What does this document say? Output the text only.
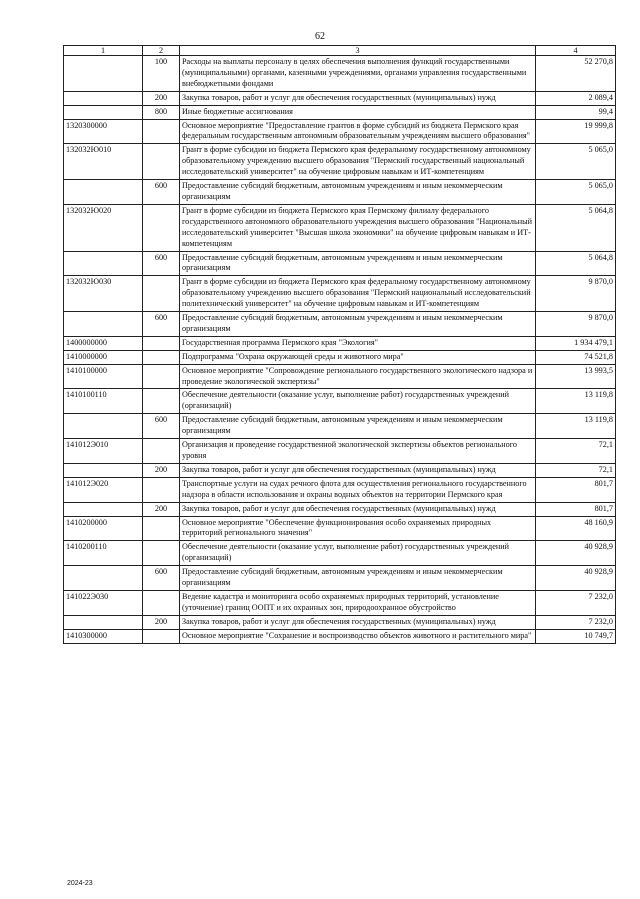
62
1	2	3	4
	100	Расходы на выплаты персоналу в целях обеспечения выполнения функций государственными (муниципальными) органами, казенными учреждениями, органами управления государственными внебюджетными фондами	52 270,8
	200	Закупка товаров, работ и услуг для обеспечения государственных (муниципальных) нужд	2 089,4
	800	Иные бюджетные ассигнования	99,4
1320300000		Основное мероприятие "Предоставление грантов в форме субсидий из бюджета Пермского края федеральным государственным автономным образовательным учреждениям высшего образования"	19 999,8
132032Ю010		Грант в форме субсидии из бюджета Пермского края федеральному государственному автономному образовательному учреждению высшего образования "Пермский государственный национальный исследовательский университет" на обучение цифровым навыкам и ИТ-компетенциям	5 065,0
	600	Предоставление субсидий бюджетным, автономным учреждениям и иным некоммерческим организациям	5 065,0
132032Ю020		Грант в форме субсидии из бюджета Пермского края Пермскому филиалу федерального государственного автономного образовательного учреждения высшего образования "Национальный исследовательский университет "Высшая школа экономики" на обучение цифровым навыкам и ИТ-компетенциям	5 064,8
	600	Предоставление субсидий бюджетным, автономным учреждениям и иным некоммерческим организациям	5 064,8
132032Ю030		Грант в форме субсидии из бюджета Пермского края федеральному государственному автономному образовательному учреждению высшего образования "Пермский национальный исследовательский политехнический университет" на обучение цифровым навыкам и ИТ-компетенциям	9 870,0
	600	Предоставление субсидий бюджетным, автономным учреждениям и иным некоммерческим организациям	9 870,0
1400000000		Государственная программа Пермского края "Экология"	1 934 479,1
1410000000		Подпрограмма "Охрана окружающей среды и животного мира"	74 521,8
1410100000		Основное мероприятие "Сопровождение регионального государственного экологического надзора и проведение экологической экспертизы"	13 993,5
1410100110		Обеспечение деятельности (оказание услуг, выполнение работ) государственных учреждений (организаций)	13 119,8
	600	Предоставление субсидий бюджетным, автономным учреждениям и иным некоммерческим организациям	13 119,8
141012Э010		Организация и проведение государственной экологической экспертизы объектов регионального уровня	72,1
	200	Закупка товаров, работ и услуг для обеспечения государственных (муниципальных) нужд	72,1
141012Э020		Транспортные услуги на судах речного флота для осуществления регионального государственного надзора в области использования и охраны водных объектов на территории Пермского края	801,7
	200	Закупка товаров, работ и услуг для обеспечения государственных (муниципальных) нужд	801,7
1410200000		Основное мероприятие "Обеспечение функционирования особо охраняемых природных территорий регионального значения"	48 160,9
1410200110		Обеспечение деятельности (оказание услуг, выполнение работ) государственных учреждений (организаций)	40 928,9
	600	Предоставление субсидий бюджетным, автономным учреждениям и иным некоммерческим организациям	40 928,9
141022Э030		Ведение кадастра и мониторинга особо охраняемых природных территорий, установление (уточнение) границ ООПТ и их охранных зон, природоохранное обустройство	7 232,0
	200	Закупка товаров, работ и услуг для обеспечения государственных (муниципальных) нужд	7 232,0
1410300000		Основное мероприятие "Сохранение и воспроизводство объектов животного и растительного мира"	10 749,7
2024-23
